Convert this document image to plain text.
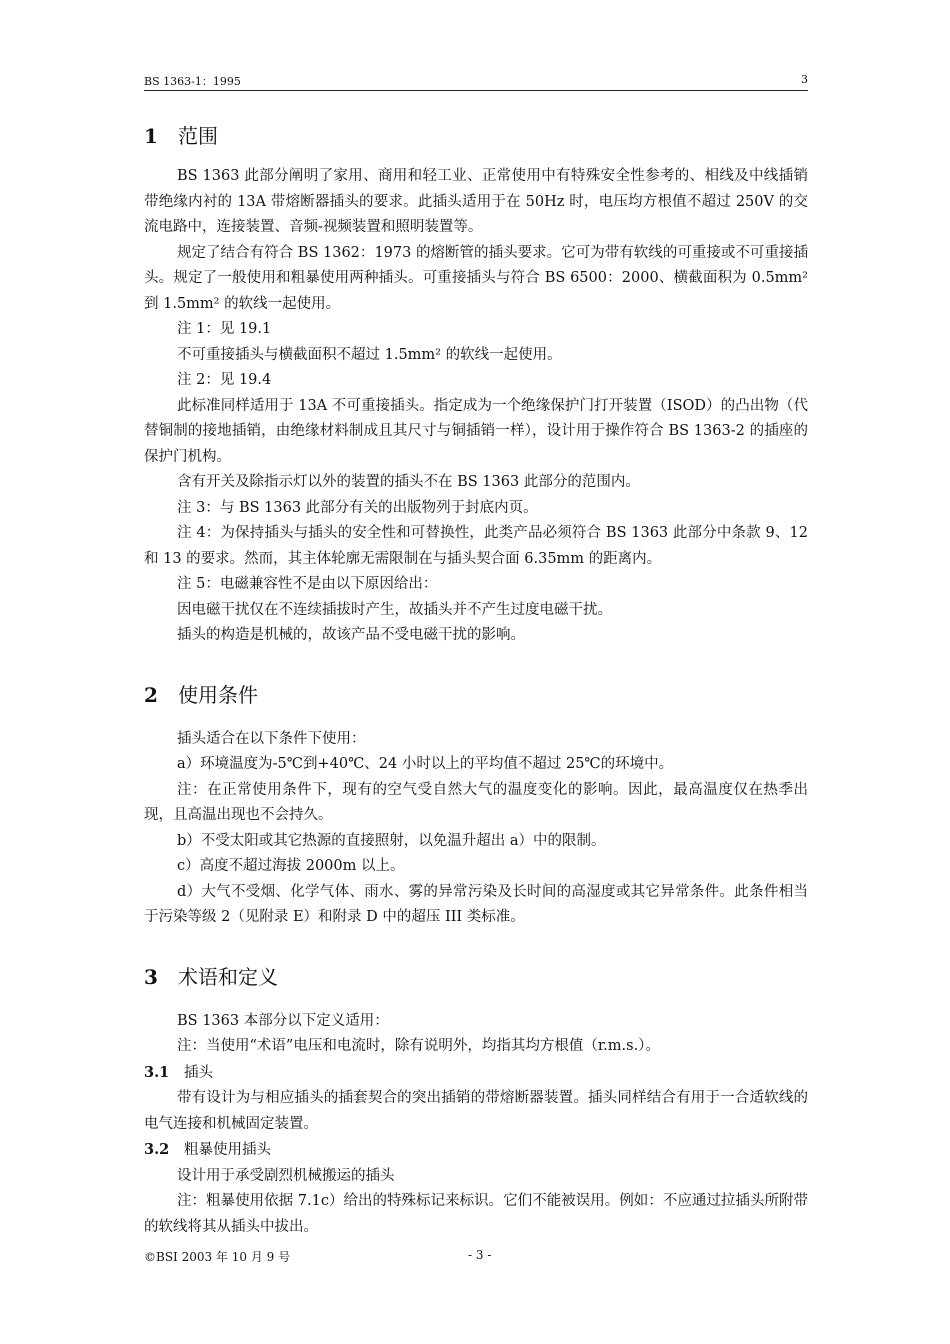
BS 1363-1：1995	3
1 范围

BS 1363 此部分阐明了家用、商用和轻工业、正常使用中有特殊安全性参考的、相线及中线插销带绝缘内衬的 13A 带熔断器插头的要求。此插头适用于在 50Hz 时，电压均方根值不超过 250V 的交流电路中，连接装置、音频-视频装置和照明装置等。

规定了结合有符合 BS 1362：1973 的熔断管的插头要求。它可为带有软线的可重接或不可重接插头。规定了一般使用和粗暴使用两种插头。可重接插头与符合 BS 6500：2000、横截面积为 0.5mm² 到 1.5mm² 的软线一起使用。

注 1：见 19.1

不可重接插头与横截面积不超过 1.5mm² 的软线一起使用。

注 2：见 19.4

此标准同样适用于 13A 不可重接插头。指定成为一个绝缘保护门打开装置（ISOD）的凸出物（代替铜制的接地插销，由绝缘材料制成且其尺寸与铜插销一样），设计用于操作符合 BS 1363-2 的插座的保护门机构。

含有开关及除指示灯以外的装置的插头不在 BS 1363 此部分的范围内。

注 3：与 BS 1363 此部分有关的出版物列于封底内页。

注 4：为保持插头与插头的安全性和可替换性，此类产品必须符合 BS 1363 此部分中条款 9、12 和 13 的要求。然而，其主体轮廓无需限制在与插头契合面 6.35mm 的距离内。

注 5：电磁兼容性不是由以下原因给出：

因电磁干扰仅在不连续插拔时产生，故插头并不产生过度电磁干扰。

插头的构造是机械的，故该产品不受电磁干扰的影响。

2 使用条件

插头适合在以下条件下使用：

a）环境温度为-5℃到+40℃、24 小时以上的平均值不超过 25℃的环境中。

注：在正常使用条件下，现有的空气受自然大气的温度变化的影响。因此，最高温度仅在热季出现，且高温出现也不会持久。

b）不受太阳或其它热源的直接照射，以免温升超出 a）中的限制。

c）高度不超过海拔 2000m 以上。

d）大气不受烟、化学气体、雨水、雾的异常污染及长时间的高湿度或其它异常条件。此条件相当于污染等级 2（见附录 E）和附录 D 中的超压 III 类标准。

3 术语和定义

BS 1363 本部分以下定义适用：

注：当使用“术语”电压和电流时，除有说明外，均指其均方根值（r.m.s.）。

3.1 插头

带有设计为与相应插头的插套契合的突出插销的带熔断器装置。插头同样结合有用于一合适软线的电气连接和机械固定装置。

3.2 粗暴使用插头

设计用于承受剧烈机械搬运的插头

注：粗暴使用依据 7.1c）给出的特殊标记来标识。它们不能被误用。例如：不应通过拉插头所附带的软线将其从插头中拔出。

©BSI 2003 年 10 月 9 号	- 3 -
